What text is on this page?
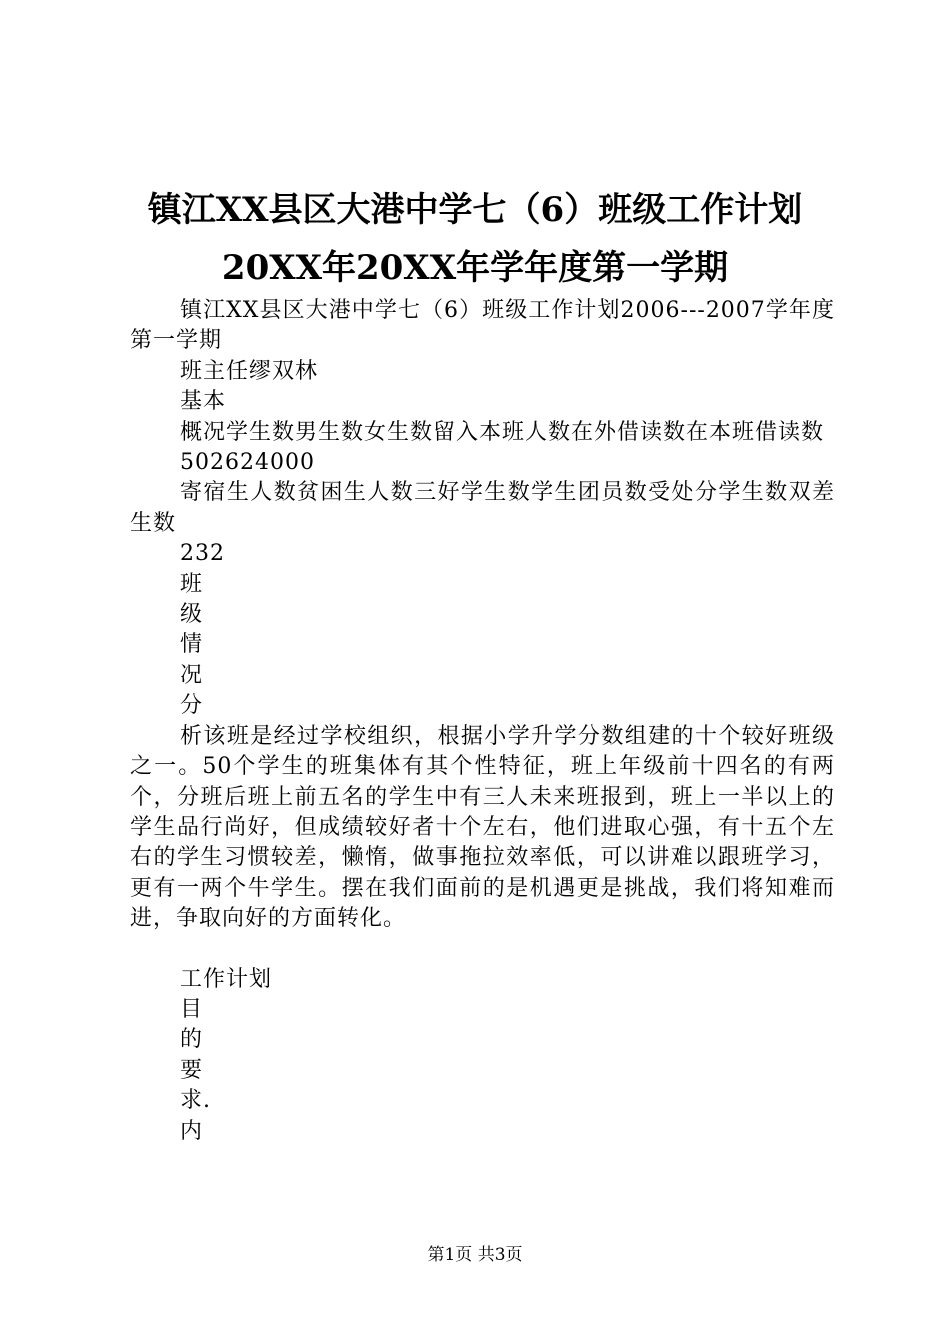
镇江XX县区大港中学七（6）班级工作计划
20XX年20XX年学年度第一学期

镇江XX县区大港中学七（6）班级工作计划2006---2007学年度第一学期

班主任缪双林

基本

概况学生数男生数女生数留入本班人数在外借读数在本班借读数

502624000

寄宿生人数贫困生人数三好学生数学生团员数受处分学生数双差生数

232

班

级

情

况

分

析该班是经过学校组织，根据小学升学分数组建的十个较好班级之一。50个学生的班集体有其个性特征，班上年级前十四名的有两个，分班后班上前五名的学生中有三人未来班报到，班上一半以上的学生品行尚好，但成绩较好者十个左右，他们进取心强，有十五个左右的学生习惯较差，懒惰，做事拖拉效率低，可以讲难以跟班学习，更有一两个牛学生。摆在我们面前的是机遇更是挑战，我们将知难而进，争取向好的方面转化。

工作计划

目

的

要

求.

内

第1页 共3页
